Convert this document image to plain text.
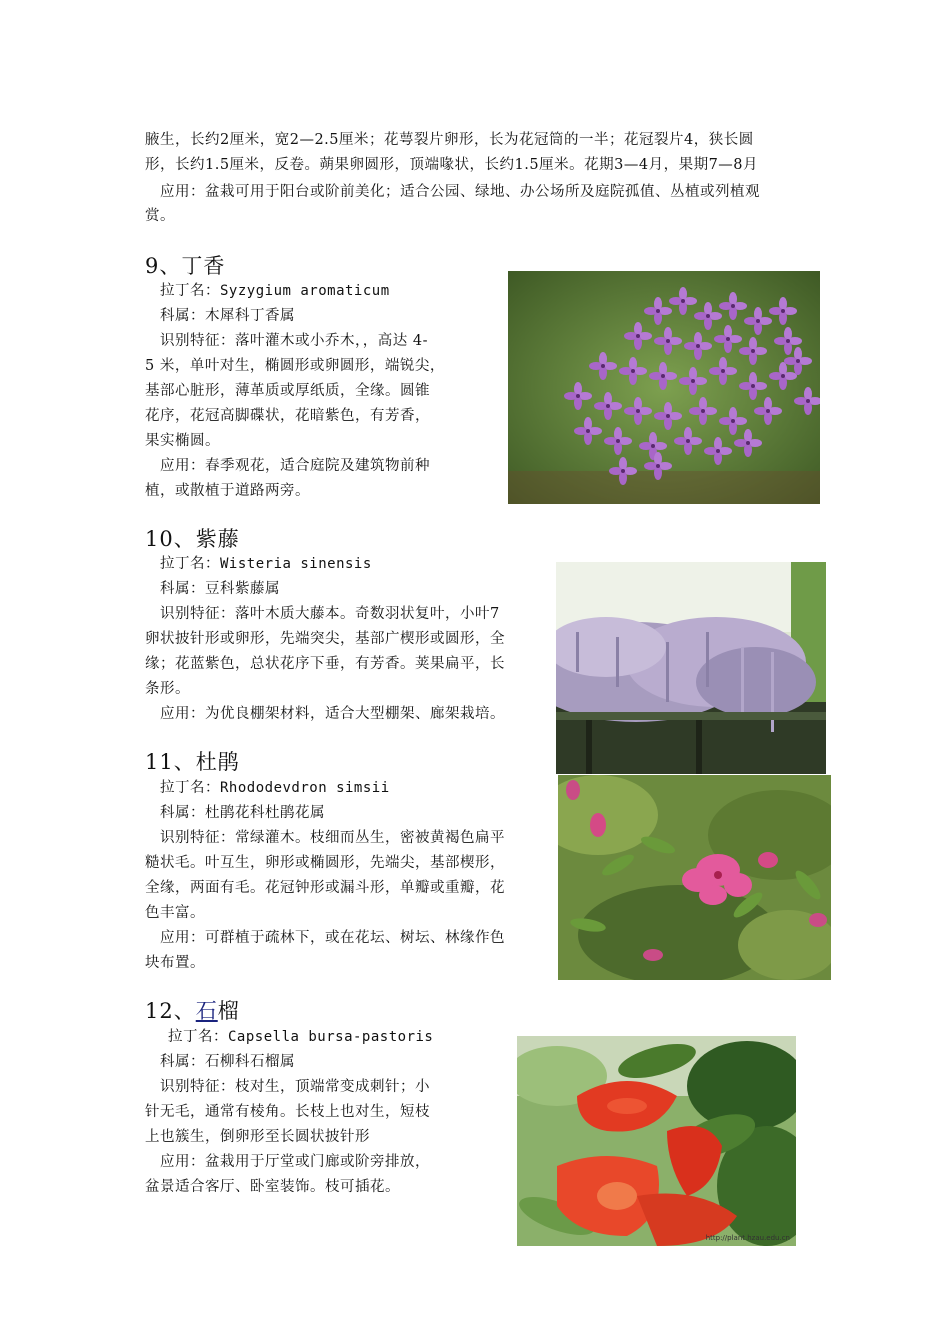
腋生，长约2厘米，宽2—2.5厘米；花萼裂片卵形，长为花冠筒的一半；花冠裂片4，狭长圆
形，长约1.5厘米，反卷。蒴果卵圆形，顶端喙状，长约1.5厘米。花期3—4月，果期7—8月
应用：盆栽可用于阳台或阶前美化；适合公园、绿地、办公场所及庭院孤值、丛植或列植观
赏。
9、丁香
拉丁名：Syzygium aromaticum
科属：木犀科丁香属
识别特征：落叶灌木或小乔木，，高达 4-
5 米，单叶对生，椭圆形或卵圆形，端锐尖，
基部心脏形，薄革质或厚纸质，全缘。圆锥
花序，花冠高脚碟状，花暗紫色，有芳香，
果实椭圆。
应用：春季观花，适合庭院及建筑物前种
植，或散植于道路两旁。
10、紫藤
拉丁名：Wisteria sinensis
科属：豆科紫藤属
识别特征：落叶木质大藤本。奇数羽状复叶，小叶7
卵状披针形或卵形，先端突尖，基部广楔形或圆形，全
缘；花蓝紫色，总状花序下垂，有芳香。荚果扁平，长
条形。
应用：为优良棚架材料，适合大型棚架、廊架栽培。
11、杜鹃
拉丁名：Rhododevdron simsii
科属：杜鹃花科杜鹃花属
识别特征：常绿灌木。枝细而丛生，密被黄褐色扁平
糙状毛。叶互生，卵形或椭圆形，先端尖，基部楔形，
全缘，两面有毛。花冠钟形或漏斗形，单瓣或重瓣，花
色丰富。
应用：可群植于疏林下，或在花坛、树坛、林缘作色
块布置。
12、石榴
拉丁名：Capsella bursa-pastoris
科属：石柳科石榴属
识别特征：枝对生，顶端常变成刺针；小
针无毛，通常有棱角。长枝上也对生，短枝
上也簇生，倒卵形至长圆状披针形
应用：盆栽用于厅堂或门廊或阶旁排放，
盆景适合客厅、卧室装饰。枝可插花。
http://plant.hzau.edu.cn
